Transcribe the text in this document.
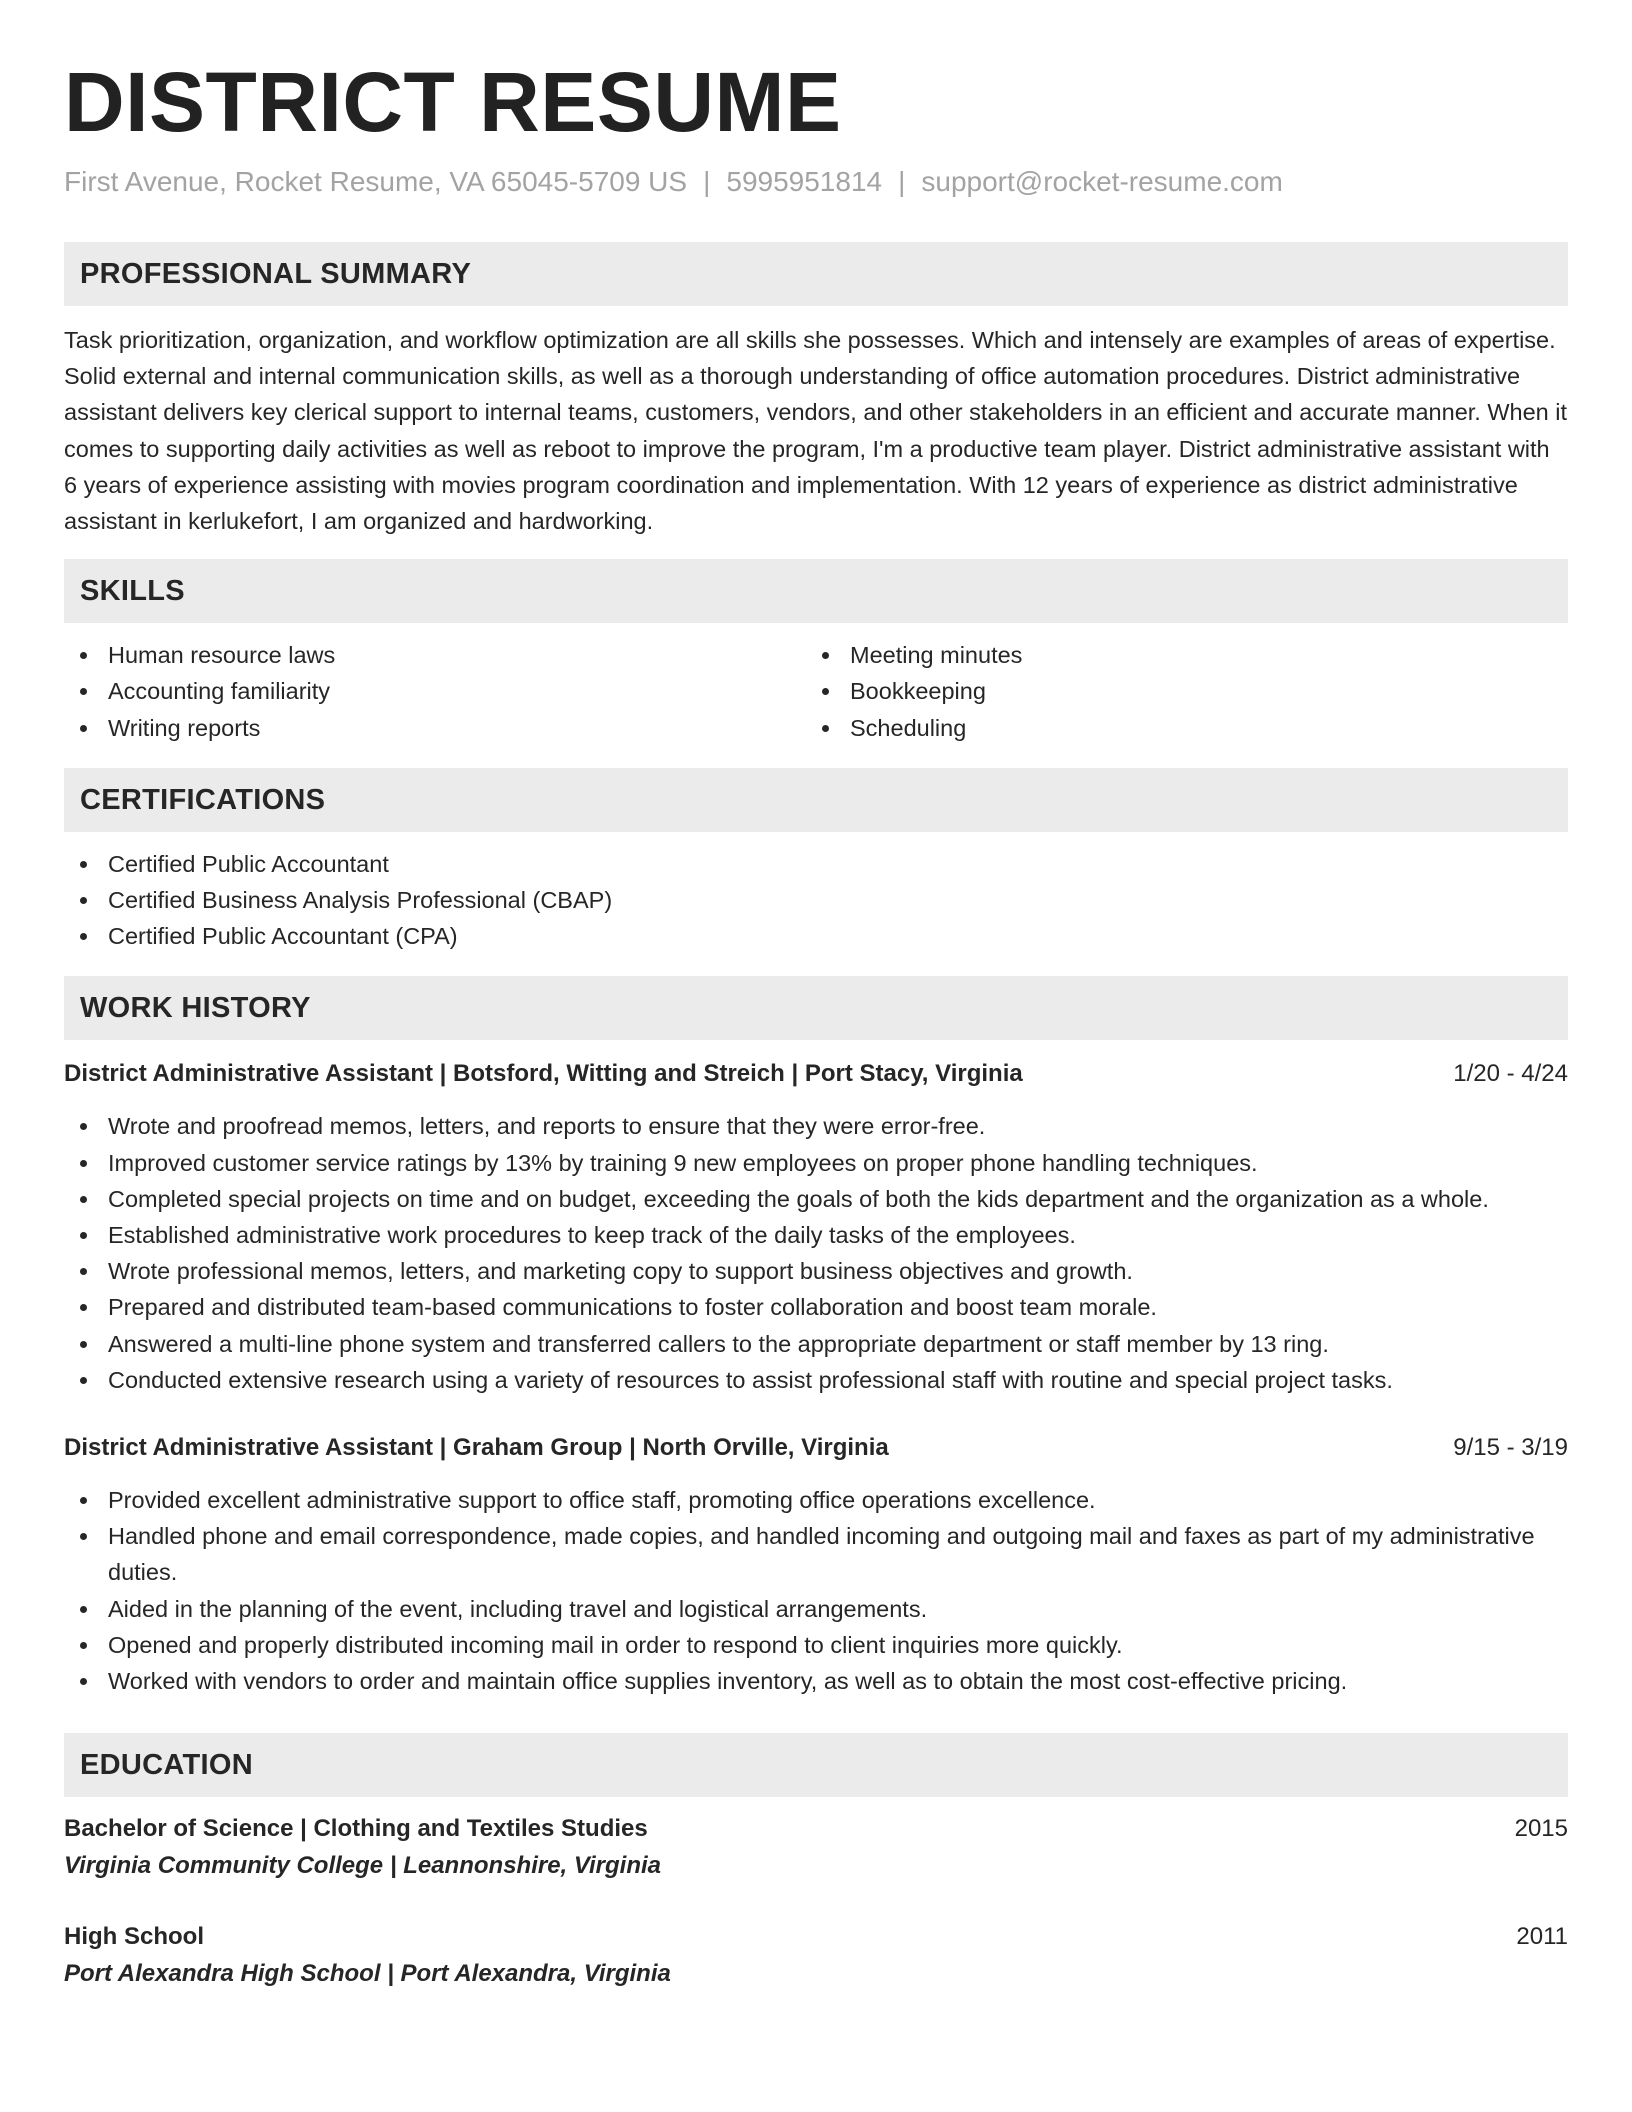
DISTRICT RESUME
First Avenue, Rocket Resume, VA 65045-5709 US | 5995951814 | support@rocket-resume.com
PROFESSIONAL SUMMARY

Task prioritization, organization, and workflow optimization are all skills she possesses. Which and intensely are examples of areas of expertise. Solid external and internal communication skills, as well as a thorough understanding of office automation procedures. District administrative assistant delivers key clerical support to internal teams, customers, vendors, and other stakeholders in an efficient and accurate manner. When it comes to supporting daily activities as well as reboot to improve the program, I'm a productive team player. District administrative assistant with 6 years of experience assisting with movies program coordination and implementation. With 12 years of experience as district administrative assistant in kerlukefort, I am organized and hardworking.

SKILLS
Human resource laws
Accounting familiarity
Writing reports
Meeting minutes
Bookkeeping
Scheduling
CERTIFICATIONS
Certified Public Accountant
Certified Business Analysis Professional (CBAP)
Certified Public Accountant (CPA)
WORK HISTORY
District Administrative Assistant | Botsford, Witting and Streich | Port Stacy, Virginia	1/20 - 4/24
Wrote and proofread memos, letters, and reports to ensure that they were error-free.
Improved customer service ratings by 13% by training 9 new employees on proper phone handling techniques.
Completed special projects on time and on budget, exceeding the goals of both the kids department and the organization as a whole.
Established administrative work procedures to keep track of the daily tasks of the employees.
Wrote professional memos, letters, and marketing copy to support business objectives and growth.
Prepared and distributed team-based communications to foster collaboration and boost team morale.
Answered a multi-line phone system and transferred callers to the appropriate department or staff member by 13 ring.
Conducted extensive research using a variety of resources to assist professional staff with routine and special project tasks.
District Administrative Assistant | Graham Group | North Orville, Virginia	9/15 - 3/19
Provided excellent administrative support to office staff, promoting office operations excellence.
Handled phone and email correspondence, made copies, and handled incoming and outgoing mail and faxes as part of my administrative duties.
Aided in the planning of the event, including travel and logistical arrangements.
Opened and properly distributed incoming mail in order to respond to client inquiries more quickly.
Worked with vendors to order and maintain office supplies inventory, as well as to obtain the most cost-effective pricing.
EDUCATION
Bachelor of Science | Clothing and Textiles Studies	2015
Virginia Community College | Leannonshire, Virginia
High School	2011
Port Alexandra High School | Port Alexandra, Virginia
